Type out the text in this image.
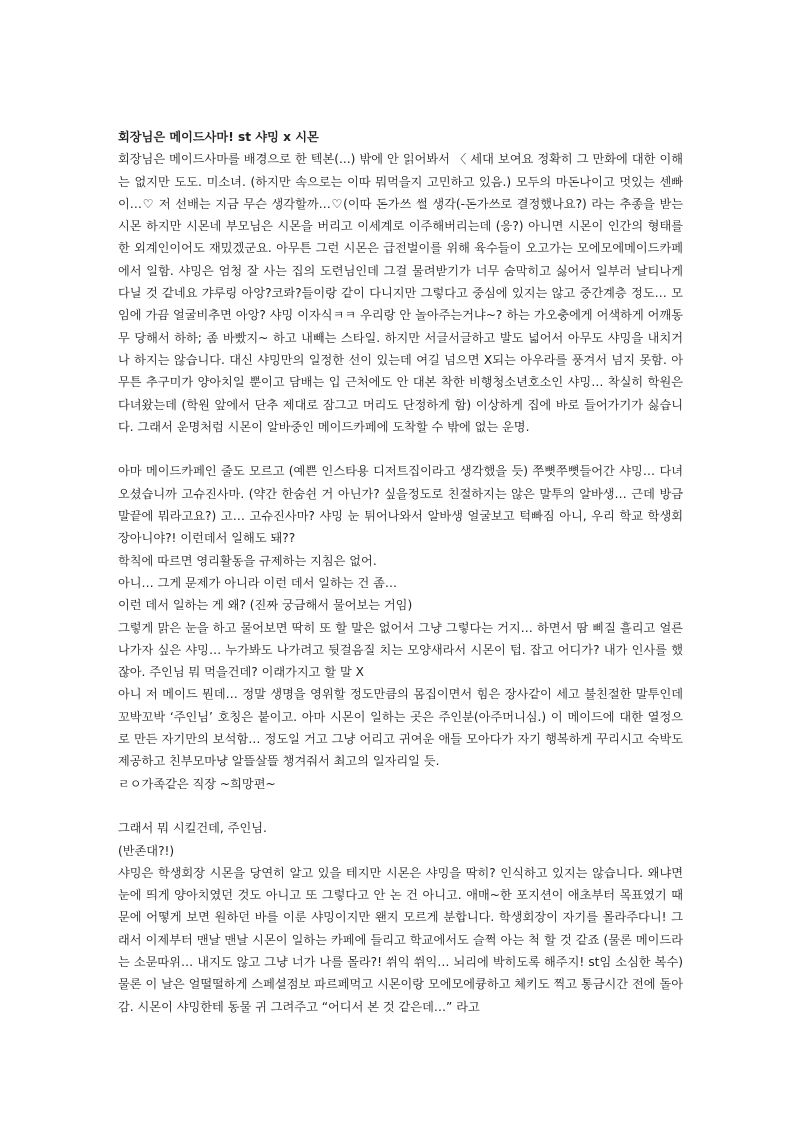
회장님은 메이드사마! st 샤밍 x 시몬

회장님은 메이드사마를 배경으로 한 텍본(...) 밖에 안 읽어봐서 〈 세대 보여요 정확히 그 만화에 대한 이해는 없지만 도도. 미소녀. (하지만 속으로는 이따 뭐먹을지 고민하고 있음.) 모두의 마돈나이고 멋있는 센빠이…♡ 저 선배는 지금 무슨 생각할까…♡(이따 돈가쓰 썰 생각(-돈가쓰로 결정했나요?) 라는 추종을 받는 시몬 하지만 시몬네 부모님은 시몬을 버리고 이세계로 이주해버리는데 (응?) 아니면 시몬이 인간의 형태를 한 외계인이어도 재밌겠군요. 아무튼 그런 시몬은 급전벌이를 위해 육수들이 오고가는 모에모에메이드카페에서 일함. 샤밍은 엄청 잘 사는 집의 도련님인데 그걸 물려받기가 너무 숨막히고 싫어서 일부러 날티나게 다닐 것 같네요 갸루링 아앙?코롸?들이랑 같이 다니지만 그렇다고 중심에 있지는 않고 중간계층 정도… 모임에 가끔 얼굴비추면 아앙? 샤밍 이자식ㅋㅋ 우리랑 안 놀아주는거냐~? 하는 가오충에게 어색하게 어깨동무 당해서 하하; 좀 바빴지~ 하고 내빼는 스타일. 하지만 서글서글하고 발도 넓어서 아무도 샤밍을 내치거나 하지는 않습니다. 대신 샤밍만의 일정한 선이 있는데 여길 넘으면 X되는 아우라를 풍겨서 넘지 못함. 아무튼 추구미가 양아치일 뿐이고 담배는 입 근처에도 안 대본 착한 비행청소년호소인 샤밍… 착실히 학원은 다녀왔는데 (학원 앞에서 단추 제대로 잠그고 머리도 단정하게 함) 이상하게 집에 바로 들어가기가 싫습니다. 그래서 운명처럼 시몬이 알바중인 메이드카페에 도착할 수 밖에 없는 운명.

아마 메이드카페인 줄도 모르고 (예쁜 인스타용 디저트집이라고 생각했을 듯) 쭈뼛쭈뼛들어간 샤밍… 다녀오셨습니까 고슈진사마. (약간 한숨쉰 거 아닌가? 싶을정도로 친절하지는 않은 말투의 알바생… 근데 방금 말끝에 뭐라고요?) 고… 고슈진사마? 샤밍 눈 튀어나와서 알바생 얼굴보고 턱빠짐 아니, 우리 학교 학생회장아니야?! 이런데서 일해도 돼??

학칙에 따르면 영리활동을 규제하는 지침은 없어.

아니… 그게 문제가 아니라 이런 데서 일하는 건 좀…

이런 데서 일하는 게 왜? (진짜 궁금해서 물어보는 거임)

그렇게 맑은 눈을 하고 물어보면 딱히 또 할 말은 없어서 그냥 그렇다는 거지… 하면서 땀 삐질 흘리고 얼른 나가자 싶은 샤밍… 누가봐도 나가려고 뒷걸음질 치는 모양새라서 시몬이 텁. 잡고 어디가? 내가 인사를 했잖아. 주인님 뭐 먹을건데? 이래가지고 할 말 X

아니 저 메이드 뭔데… 정말 생명을 영위할 정도만큼의 몸집이면서 힘은 장사같이 세고 불친절한 말투인데 꼬박꼬박 ‘주인님’ 호칭은 붙이고. 아마 시몬이 일하는 곳은 주인분(아주머니심.) 이 메이드에 대한 열정으로 만든 자기만의 보석함… 정도일 거고 그냥 어리고 귀여운 애들 모아다가 자기 행복하게 꾸리시고 숙박도 제공하고 친부모마냥 알뜰살뜰 챙겨줘서 최고의 일자리일 듯.

ㄹㅇ가족같은 직장 ~희망편~

그래서 뭐 시킬건데, 주인님.

(반존대?!)

샤밍은 학생회장 시몬을 당연히 알고 있을 테지만 시몬은 샤밍을 딱히? 인식하고 있지는 않습니다. 왜냐면 눈에 띄게 양아치였던 것도 아니고 또 그렇다고 안 논 건 아니고. 애매~한 포지션이 애초부터 목표였기 때문에 어떻게 보면 원하던 바를 이룬 샤밍이지만 왠지 모르게 분합니다. 학생회장이 자기를 몰라주다니! 그래서 이제부터 맨날 맨날 시몬이 일하는 카페에 들리고 학교에서도 슬쩍 아는 척 할 것 같죠 (물론 메이드라는 소문따위… 내지도 않고 그냥 너가 나를 몰라?! 쒸익 쒸익… 뇌리에 박히도록 해주지! st임 소심한 복수) 물론 이 날은 얼떨떨하게 스페셜점보 파르페먹고 시몬이랑 모에모에큥하고 체키도 찍고 통금시간 전에 돌아감. 시몬이 샤밍한테 동물 귀 그려주고 “어디서 본 것 같은데…” 라고
